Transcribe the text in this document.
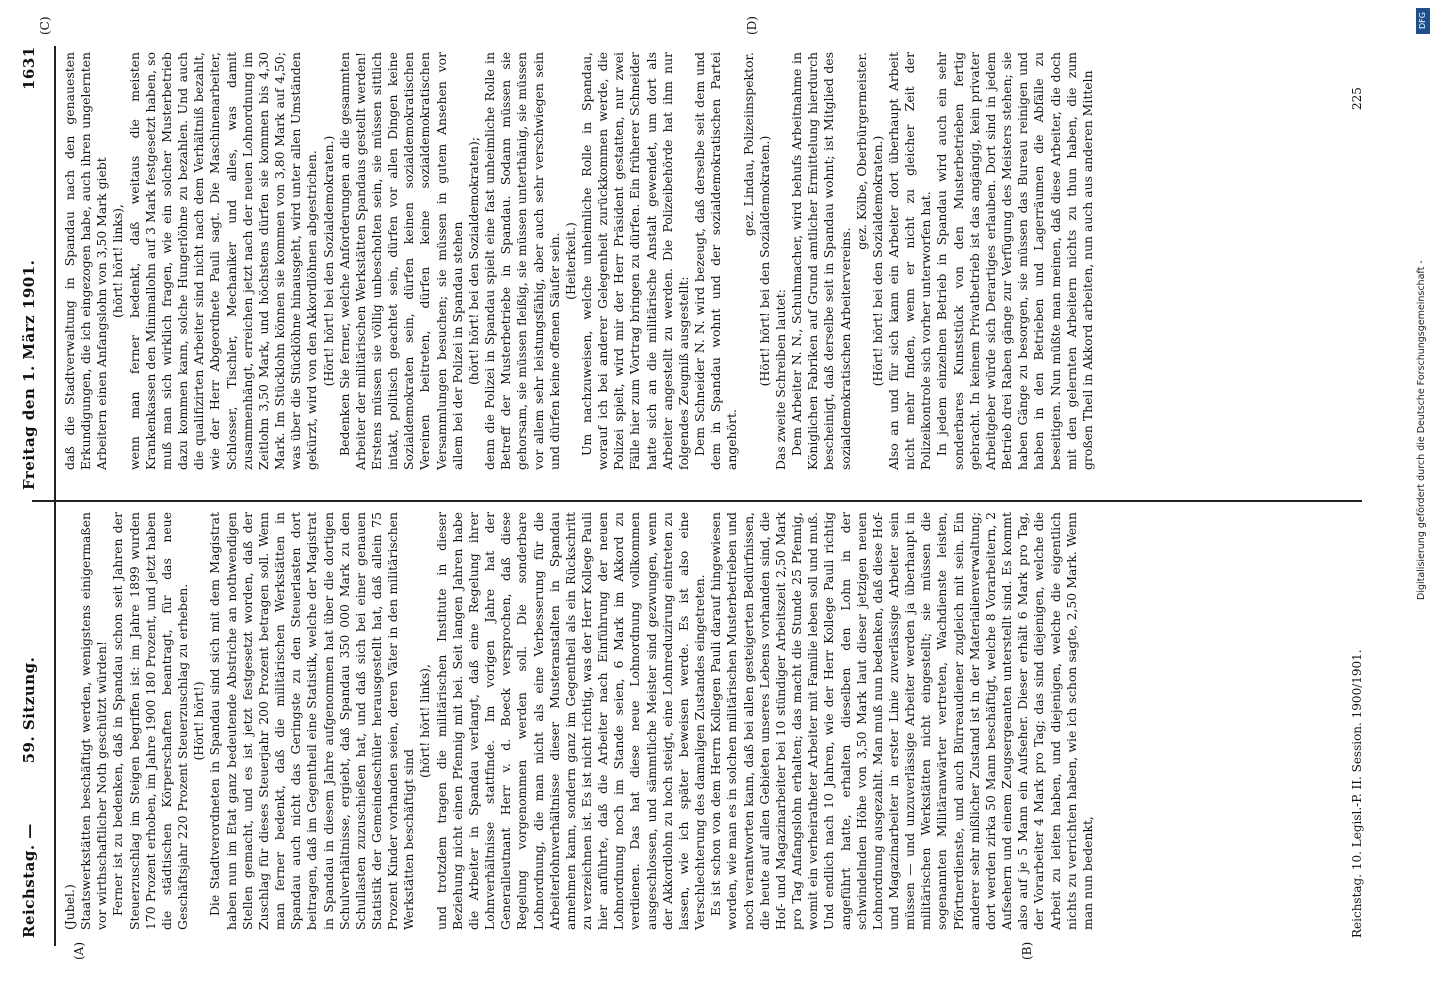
Reichstag. —
59. Sitzung.
Freitag den 1. März 1901.
1631
(A)	(B)
(C)	(D)

(Jubel.) Staatswerkstätten beschäftigt werden, wenigstens einigermaßen vor wirthschaftlicher Noth geschützt würden! Ferner ist zu bedenken, daß in Spandau schon seit Jahren der Steuerzuschlag im Steigen begriffen ist: im Jahre 1899 wurden 170 Prozent erhoben, im Jahre 1900 180 Prozent, und jetzt haben die städtischen Körperschaften beantragt, für das neue Geschäftsjahr 220 Prozent Steuerzuschlag zu erheben. (Hört! hört!) Die Stadtverordneten in Spandau sind sich mit dem Magistrat haben nun im Etat ganz bedeutende Abstriche an nothwendigen Stellen gemacht, und es ist jetzt festgesetzt worden, daß der Zuschlag für dieses Steuerjahr 200 Prozent betragen soll. Wenn man ferner bedenkt, daß die militärischen Werkstätten in Spandau auch nicht das Geringste zu den Steuerlasten dort beitragen, daß im Gegentheil eine Statistik, welche der Magistrat in Spandau in diesem Jahre aufgenommen hat über die dortigen Schulverhältnisse, ergiebt, daß Spandau 350 000 Mark zu den Schullasten zuzuschießen hat, und daß sich bei einer genauen Statistik der Gemeindeschüler herausgestellt hat, daß allein 75 Prozent Kinder vorhanden seien, deren Väter in den militärischen Werkstätten beschäftigt sind

(hört! hört! links), und trotzdem tragen die militärischen Institute in dieser Beziehung nicht einen Pfennig mit bei. Seit langen Jahren habe die Arbeiter in Spandau verlangt, daß eine Regelung ihrer Lohnverhältnisse stattfinde. Im vorigen Jahre hat der Generalleutnant Herr v. d. Boeck versprochen, daß diese Regelung vorgenommen werden soll. Die sonderbare Lohnordnung, die man nicht als eine Verbesserung für die Arbeiterlohnverhältnisse dieser Musteranstalten in Spandau annehmen kann, sondern ganz im Gegentheil als ein Rückschritt zu verzeichnen ist. Es ist nicht richtig, was der Herr Kollege Pauli hier anführte, daß die Arbeiter nach Einführung der neuen Lohnordnung noch im Stande seien, 6 Mark im Akkord zu verdienen. Das hat diese neue Lohnordnung vollkommen ausgeschlossen, und sämmtliche Meister sind gezwungen, wenn der Akkordlohn zu hoch steigt, eine Lohnreduzirung eintreten zu lassen, wie ich später beweisen werde. Es ist also eine Verschlechterung des damaligen Zustandes eingetreten. Es ist schon von dem Herrn Kollegen Pauli darauf hingewiesen worden, wie man es in solchen militärischen Musterbetrieben und noch verantworten kann, daß bei allen gesteigerten Bedürfnissen, die heute auf allen Gebieten unseres Lebens vorhanden sind, die Hof- und Magazinarbeiter bei 10 stündiger Arbeitszeit 2,50 Mark pro Tag Anfangslohn erhalten; das macht die Stunde 25 Pfennig, womit ein verheiratheter Arbeiter mit Familie leben soll und muß. Und endlich nach 10 Jahren, wie der Herr Kollege Pauli richtig angeführt hatte, erhalten dieselben den Lohn in der schwindelnden Höhe von 3,50 Mark laut dieser jetzigen neuen Lohnordnung ausgezahlt. Man muß nun bedenken, daß diese Hof- und Magazinarbeiter in erster Linie zuverlässige Arbeiter sein müssen — und unzuverlässige Arbeiter werden ja überhaupt in militärischen Werkstätten nicht eingestellt; sie müssen die sogenannten Militäranwärter vertreten, Wachdienste leisten, Pförtnerdienste, und auch Bürreaudiener zugleich mit sein. Ein anderer sehr mißlicher Zustand ist in der Materialienverwaltung; dort werden zirka 50 Mann beschäftigt, welche 8 Vorarbeitern, 2 Aufsehern und einem Zeugsergeanten unterstellt sind. Es kommt also auf je 5 Mann ein Aufseher. Dieser erhält 6 Mark pro Tag, der Vorarbeiter 4 Mark pro Tag; das sind diejenigen, welche die Arbeit zu leiten haben, und diejenigen, welche die eigentlich nichts zu verrichten haben, wie ich schon sagte, 2,50 Mark. Wenn man nun bedenkt,

daß die Stadtverwaltung in Spandau nach den genauesten Erkundigungen, die ich eingezogen habe, auch ihren ungelernten Arbeitern einen Anfangslohn von 3,50 Mark giebt (hört! hört! links), wenn man ferner bedenkt, daß weitaus die meisten Krankenkassen den Minimallohn auf 3 Mark festgesetzt haben, so muß man sich wirklich fragen, wie ein solcher Musterbetrieb dazu kommen kann, solche Hungerlöhne zu bezahlen. Und auch die qualifizirten Arbeiter sind nicht nach dem Verhältniß bezahlt, wie der Herr Abgeordnete Pauli sagt. Die Maschinenarbeiter, Schlosser, Tischler, Mechaniker und alles, was damit zusammenhängt, erreichen jetzt nach der neuen Lohnordnung im Zeitlohn 3,50 Mark, und höchstens dürfen sie kommen bis 4,30 Mark. Im Stücklohn können sie kommen von 3,80 Mark auf 4,50; was über die Stücklöhne hinausgeht, wird unter allen Umständen gekürzt, wird von den Akkordlöhnen abgestrichen. (Hört! hört! bei den Sozialdemokraten.) Bedenken Sie ferner, welche Anforderungen an die gesammten Arbeiter der militärischen Werkstätten Spandaus gestellt werden! Erstens müssen sie völlig unbescholten sein, sie müssen sittlich intakt, politisch geachtet sein, dürfen vor allen Dingen keine Sozialdemokraten sein, dürfen keinen sozialdemokratischen Vereinen beitreten, dürfen keine sozialdemokratischen Versammlungen besuchen; sie müssen in gutem Ansehen vor allem bei der Polizei in Spandau stehen (hört! hört! bei den Sozialdemokraten); denn die Polizei in Spandau spielt eine fast unheimliche Rolle in Betreff der Musterbetriebe in Spandau. Sodann müssen sie gehorsam, sie müssen fleißig, sie müssen unterthänig, sie müssen vor allem sehr leistungsfähig, aber auch sehr verschwiegen sein und dürfen keine offenen Säufer sein. (Heiterkeit.) Um nachzuweisen, welche unheimliche Rolle in Spandau, worauf ich bei anderer Gelegenheit zurückkommen werde, die Polizei spielt, wird mir der Herr Präsident gestatten, nur zwei Fälle hier zum Vortrag bringen zu dürfen. Ein früherer Schneider hatte sich an die militärische Anstalt gewendet, um dort als Arbeiter angestellt zu werden. Die Polizeibehörde hat ihm nur folgendes Zeugniß ausgestellt: Dem Schneider N. N. wird bezeugt, daß derselbe seit dem und dem in Spandau wohnt und der sozialdemokratischen Partei angehört.

gez. Lindau, Polizeiinspektor. (Hört! hört! bei den Sozialdemokraten.) Das zweite Schreiben lautet: Dem Arbeiter N. N., Schuhmacher, wird behufs Arbeitnahme in Königlichen Fabriken auf Grund amtlicher Ermittelung hierdurch bescheinigt, daß derselbe seit in Spandau wohnt; ist Mitglied des sozialdemokratischen Arbeitervereins.

gez. Kölbe, Oberbürgermeister. (Hört! hört! bei den Sozialdemokraten.) Also an und für sich kann ein Arbeiter dort überhaupt Arbeit nicht mehr finden, wenn er nicht zu gleicher Zeit der Polizeikontrole sich vorher unterworfen hat. In jedem einzelnen Betrieb in Spandau wird auch ein sehr sonderbares Kunststück von den Musterbetrieben fertig gebracht. In keinem Privatbetrieb ist das angängig, kein privater Arbeitgeber würde sich Derartiges erlauben. Dort sind in jedem Betrieb drei Raben gänge zur Verfügung des Meisters stehen; sie haben Gänge zu besorgen, sie müssen das Bureau reinigen und haben in den Betrieben und Lagerräumen die Abfälle zu beseitigen. Nun müßte man meinen, daß diese Arbeiter, die doch mit den gelernten Arbeitern nichts zu thun haben, die zum großen Theil in Akkord arbeiten, nun auch aus anderen Mitteln

Reichstag. 10. Legisl.-P. II. Session. 1900/1901.
225
DFG
Digitalisierung gefördert durch die Deutsche Forschungsgemeinschaft -
